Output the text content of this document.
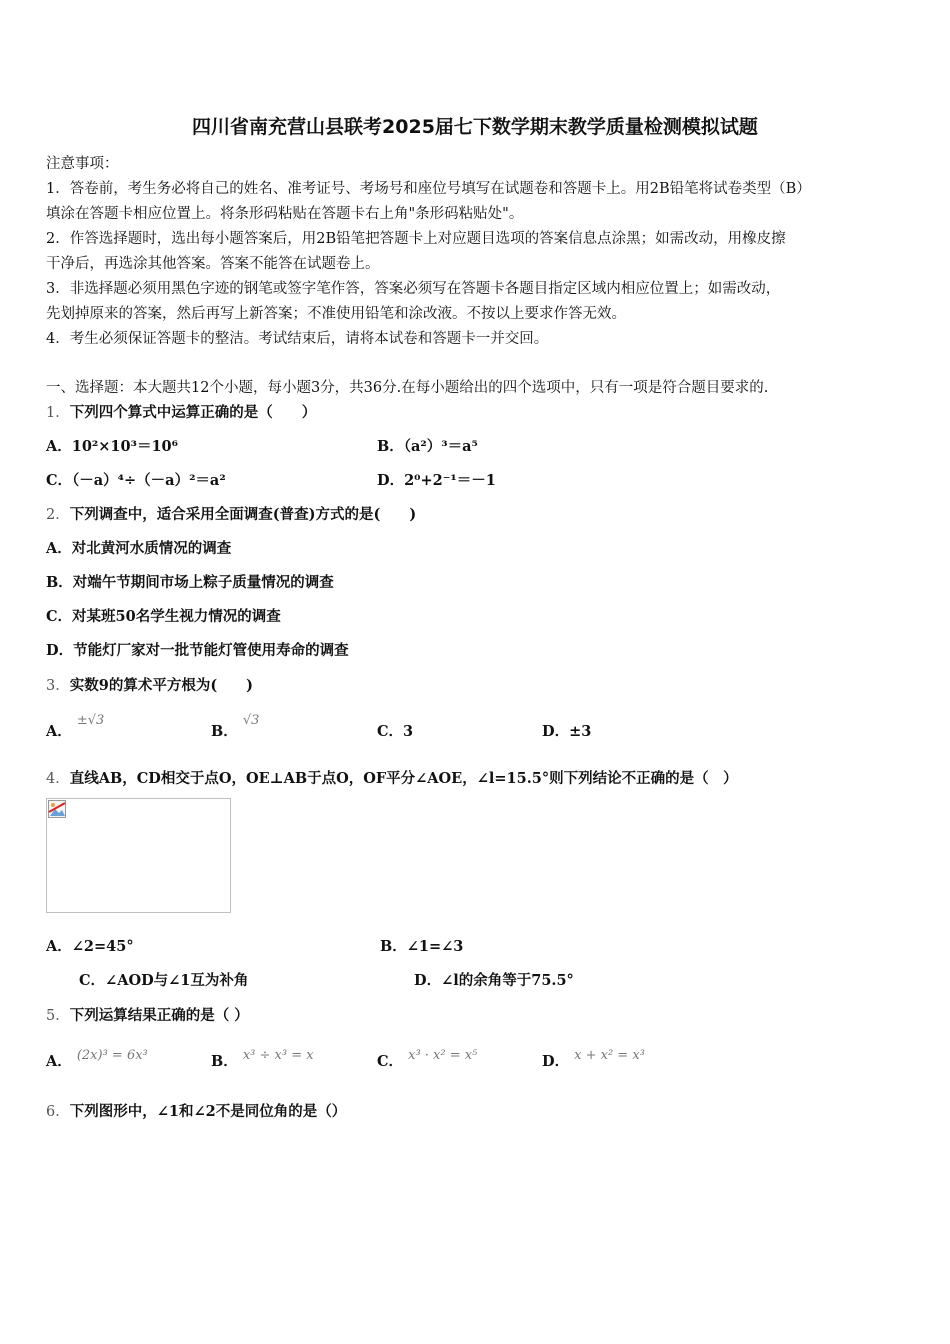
四川省南充营山县联考2025届七下数学期末教学质量检测模拟试题
注意事项：
1．答卷前，考生务必将自己的姓名、准考证号、考场号和座位号填写在试题卷和答题卡上。用2B铅笔将试卷类型（B）
填涂在答题卡相应位置上。将条形码粘贴在答题卡右上角"条形码粘贴处"。
2．作答选择题时，选出每小题答案后，用2B铅笔把答题卡上对应题目选项的答案信息点涂黑；如需改动，用橡皮擦
干净后，再选涂其他答案。答案不能答在试题卷上。
3．非选择题必须用黑色字迹的钢笔或签字笔作答，答案必须写在答题卡各题目指定区域内相应位置上；如需改动，
先划掉原来的答案，然后再写上新答案；不准使用铅笔和涂改液。不按以上要求作答无效。
4．考生必须保证答题卡的整洁。考试结束后，请将本试卷和答题卡一并交回。
一、选择题：本大题共12个小题，每小题3分，共36分.在每小题给出的四个选项中，只有一项是符合题目要求的.
1．下列四个算式中运算正确的是（　　）
A．10²×10³＝10⁶	B．（a²）³＝a⁵
C．（－a）⁴÷（－a）²＝a²	D．2⁰+2⁻¹＝－1
2．下列调查中，适合采用全面调查(普查)方式的是(　　)
A．对北黄河水质情况的调查
B．对端午节期间市场上粽子质量情况的调查
C．对某班50名学生视力情况的调查
D．节能灯厂家对一批节能灯管使用寿命的调查
3．实数9的算术平方根为(　　)
A． ±√3
B． √3
C．3	D．±3
4．直线AB，CD相交于点O，OE⊥AB于点O，OF平分∠AOE，∠l=15.5°则下列结论不正确的是（　）
A．∠2=45°	B．∠1=∠3
C．∠AOD与∠1互为补角	D．∠l的余角等于75.5°
5．下列运算结果正确的是（ ）
A． (2x)³ = 6x³	B． x³ ÷ x³ = x	C． x³ · x² = x⁵	D． x + x² = x³
6．下列图形中，∠1和∠2不是同位角的是（）
